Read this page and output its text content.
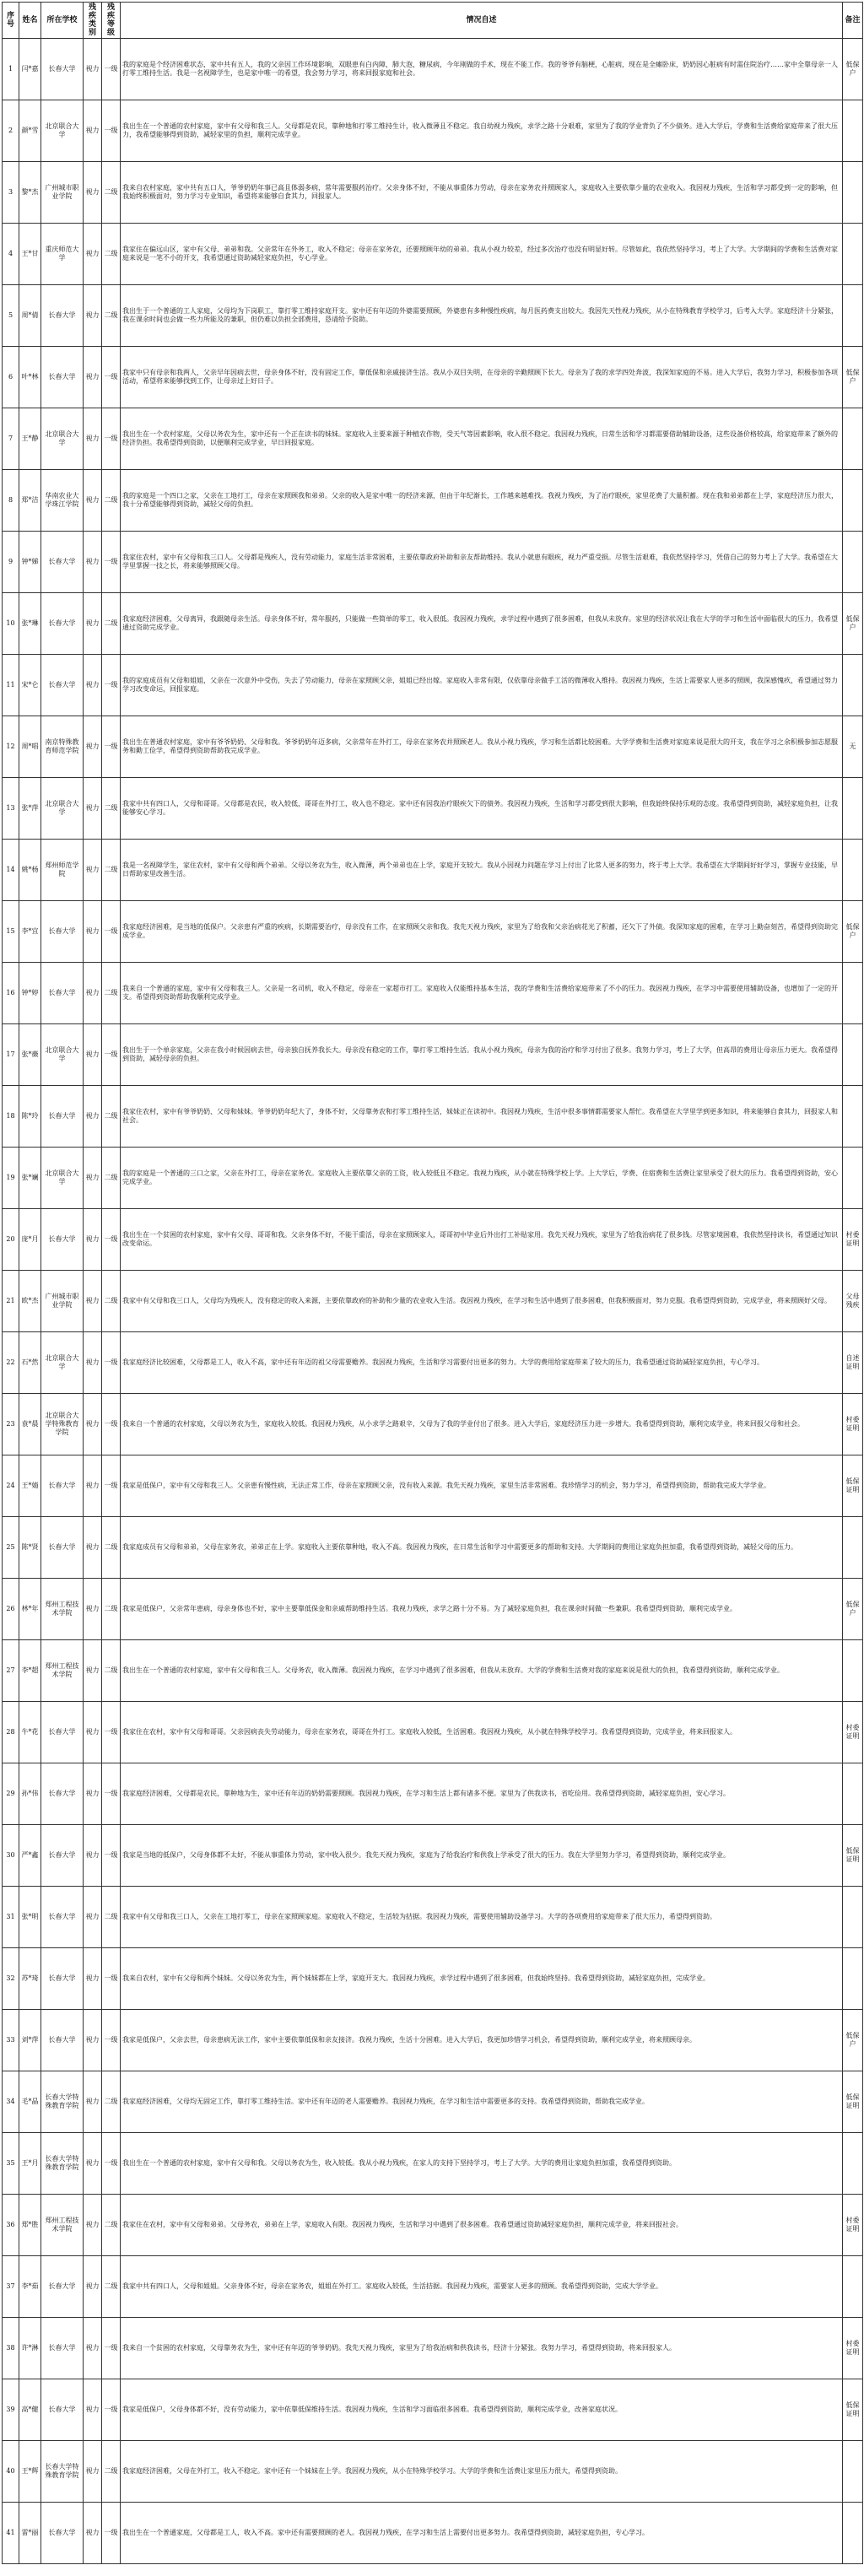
序号	姓名	所在学校	残疾类别	残疾等级	情况自述	备注
1	闫*嘉	长春大学	视力	一级	我的家庭是个经济困难状态，家中共有五人，我的父亲因工作环境影响，双眼患有白内障，肺大泡，糖尿病，今年刚做的手术，现在不能工作。我的爷爷有脑梗，心脏病，现在是全瘫卧床，奶奶因心脏病有时需住院治疗……家中全靠母亲一人打零工维持生活。我是一名视障学生，也是家中唯一的希望，我会努力学习，将来回报家庭和社会。	低保户
2	颜*雪	北京联合大学	视力	一级	我出生在一个普通的农村家庭，家中有父母和我三人。父母都是农民，靠种地和打零工维持生计，收入微薄且不稳定。我自幼视力残疾，求学之路十分艰难，家里为了我的学业背负了不少债务。进入大学后，学费和生活费给家庭带来了很大压力，我希望能够得到资助，减轻家里的负担，顺利完成学业。	
3	黎*杰	广州城市职业学院	视力	二级	我来自农村家庭，家中共有五口人，爷爷奶奶年事已高且体弱多病，常年需要服药治疗。父亲身体不好，不能从事重体力劳动，母亲在家务农并照顾家人，家庭收入主要依靠少量的农业收入。我因视力残疾，生活和学习都受到一定的影响，但我始终积极面对，努力学习专业知识，希望将来能够自食其力，回报家人。	
4	王*甘	重庆师范大学	视力	二级	我家住在偏远山区，家中有父母、弟弟和我。父亲常年在外务工，收入不稳定；母亲在家务农，还要照顾年幼的弟弟。我从小视力较差，经过多次治疗也没有明显好转。尽管如此，我依然坚持学习，考上了大学。大学期间的学费和生活费对家庭来说是一笔不小的开支，我希望通过资助减轻家庭负担，专心学业。	
5	周*倩	长春大学	视力	二级	我出生于一个普通的工人家庭，父母均为下岗职工，靠打零工维持家庭开支。家中还有年迈的外婆需要照顾，外婆患有多种慢性疾病，每月医药费支出较大。我因先天性视力残疾，从小在特殊教育学校学习，后考入大学。家庭经济十分紧张，我在课余时间也会做一些力所能及的兼职，但仍难以负担全部费用，恳请给予资助。	
6	叶*林	长春大学	视力	一级	我家中只有母亲和我两人，父亲早年因病去世，母亲身体不好，没有固定工作，靠低保和亲戚接济生活。我从小双目失明，在母亲的辛勤照顾下长大。母亲为了我的求学四处奔波，我深知家庭的不易。进入大学后，我努力学习，积极参加各项活动，希望将来能够找到工作，让母亲过上好日子。	低保户
7	王*静	北京联合大学	视力	一级	我出生在一个农村家庭，父母以务农为生，家中还有一个正在读书的妹妹。家庭收入主要来源于种植农作物，受天气等因素影响，收入很不稳定。我因视力残疾，日常生活和学习都需要借助辅助设备，这些设备价格较高，给家庭带来了额外的经济负担。我希望得到资助，以便顺利完成学业，早日回报家庭。	
8	郑*洁	华南农业大学珠江学院	视力	二级	我的家庭是一个四口之家，父亲在工地打工，母亲在家照顾我和弟弟。父亲的收入是家中唯一的经济来源，但由于年纪渐长，工作越来越难找。我视力残疾，为了治疗眼疾，家里花费了大量积蓄。现在我和弟弟都在上学，家庭经济压力很大，我十分希望能够得到资助，减轻父母的负担。	
9	钟*娣	长春大学	视力	一级	我家住农村，家中有父母和我三口人。父母都是残疾人，没有劳动能力，家庭生活非常困难，主要依靠政府补助和亲友帮助维持。我从小就患有眼疾，视力严重受损。尽管生活艰难，我依然坚持学习，凭借自己的努力考上了大学。我希望在大学里掌握一技之长，将来能够照顾父母。	
10	张*琳	长春大学	视力	二级	我家庭经济困难，父母离异，我跟随母亲生活。母亲身体不好，常年服药，只能做一些简单的零工，收入很低。我因视力残疾，求学过程中遇到了很多困难，但我从未放弃。家里的经济状况让我在大学的学习和生活中面临很大的压力，我希望通过资助完成学业。	低保户
11	宋*仑	长春大学	视力	一级	我的家庭成员有父母和姐姐，父亲在一次意外中受伤，失去了劳动能力，母亲在家照顾父亲，姐姐已经出嫁。家庭收入非常有限，仅依靠母亲做手工活的微薄收入维持。我因视力残疾，生活上需要家人更多的照顾，我深感愧疚，希望通过努力学习改变命运，回报家庭。	
12	周*唱	南京特殊教育师范学院	视力	一级	我出生在普通农村家庭，家中有爷爷奶奶、父母和我。爷爷奶奶年迈多病，父亲常年在外打工，母亲在家务农并照顾老人。我从小视力残疾，学习和生活都比较困难。大学学费和生活费对家庭来说是很大的开支，我在学习之余积极参加志愿服务和勤工俭学，希望得到资助帮助我完成学业。	无
13	张*萍	北京联合大学	视力	二级	我家中共有四口人，父母和哥哥。父母都是农民，收入较低，哥哥在外打工，收入也不稳定。家中还有因我治疗眼疾欠下的债务。我因视力残疾，生活和学习都受到很大影响，但我始终保持乐观的态度。我希望得到资助，减轻家庭负担，让我能够安心学习。	
14	姚*杨	郑州师范学院	视力	二级	我是一名视障学生，家住农村，家中有父母和两个弟弟。父母以务农为生，收入微薄，两个弟弟也在上学，家庭开支较大。我从小因视力问题在学习上付出了比常人更多的努力，终于考上大学。我希望在大学期间好好学习，掌握专业技能，早日帮助家里改善生活。	
15	李*宜	长春大学	视力	一级	我家庭经济困难，是当地的低保户。父亲患有严重的疾病，长期需要治疗，母亲没有工作，在家照顾父亲和我。我先天视力残疾，家里为了给我和父亲治病花光了积蓄，还欠下了外债。我深知家庭的困难，在学习上勤奋刻苦，希望得到资助完成学业。	低保户
16	钟*婷	长春大学	视力	二级	我来自一个普通的家庭，家中有父母和我三人。父亲是一名司机，收入不稳定，母亲在一家超市打工。家庭收入仅能维持基本生活，我的学费和生活费给家庭带来了不小的压力。我因视力残疾，在学习中需要使用辅助设备，也增加了一定的开支。希望得到资助帮助我顺利完成学业。	
17	张*薇	北京联合大学	视力	一级	我出生于一个单亲家庭，父亲在我小时候因病去世，母亲独自抚养我长大。母亲没有稳定的工作，靠打零工维持生活。我从小视力残疾，母亲为我的治疗和学习付出了很多。我努力学习，考上了大学，但高昂的费用让母亲压力更大。我希望得到资助，减轻母亲的负担。	
18	陈*玲	长春大学	视力	二级	我家住农村，家中有爷爷奶奶、父母和妹妹。爷爷奶奶年纪大了，身体不好，父母靠务农和打零工维持生活，妹妹正在读初中。我因视力残疾，生活中很多事情都需要家人帮忙。我希望在大学里学到更多知识，将来能够自食其力，回报家人和社会。	
19	张*斓	北京联合大学	视力	二级	我的家庭是一个普通的三口之家，父亲在外打工，母亲在家务农。家庭收入主要依靠父亲的工资，收入较低且不稳定。我视力残疾，从小就在特殊学校上学。上大学后，学费、住宿费和生活费让家里承受了很大的压力。我希望得到资助，安心完成学业。	
20	庞*月	长春大学	视力	一级	我出生在一个贫困的农村家庭，家中有父母、哥哥和我。父亲身体不好，不能干重活，母亲在家照顾家人，哥哥初中毕业后外出打工补贴家用。我先天视力残疾，家里为了给我治病花了很多钱。尽管家境困难，我依然坚持读书，希望通过知识改变命运。	村委证明
21	欧*杰	广州城市职业学院	视力	二级	我家中有父母和我三口人，父母均为残疾人，没有稳定的收入来源，主要依靠政府的补助和少量的农业收入生活。我因视力残疾，在学习和生活中遇到了很多困难，但我积极面对，努力克服。我希望得到资助，完成学业，将来照顾好父母。	父母残疾
22	石*然	北京联合大学	视力	一级	我家庭经济比较困难，父母都是工人，收入不高，家中还有年迈的祖父母需要赡养。我因视力残疾，生活和学习需要付出更多的努力。大学的费用给家庭带来了较大的压力，我希望通过资助减轻家庭负担，专心学习。	自述证明
23	袁*晨	北京联合大学特殊教育学院	视力	一级	我来自一个普通的农村家庭，父母以务农为生，家庭收入较低。我因视力残疾，从小求学之路艰辛，父母为了我的学业付出了很多。进入大学后，家庭经济压力进一步增大。我希望得到资助，顺利完成学业，将来回报父母和社会。	村委证明
24	王*婧	长春大学	视力	一级	我家是低保户，家中有父母和我三人。父亲患有慢性病，无法正常工作，母亲在家照顾父亲，没有收入来源。我先天视力残疾，家里生活非常困难。我珍惜学习的机会，努力学习，希望得到资助，帮助我完成大学学业。	低保证明
25	陈*贤	长春大学	视力	二级	我家庭成员有父母和弟弟，父母在家务农，弟弟正在上学。家庭收入主要依靠种地，收入不高。我因视力残疾，在日常生活和学习中需要更多的帮助和支持。大学期间的费用让家庭负担加重，我希望得到资助，减轻父母的压力。	
26	林*年	郑州工程技术学院	视力	二级	我家是低保户，父亲常年患病，母亲身体也不好，家中主要靠低保金和亲戚帮助维持生活。我视力残疾，求学之路十分不易。为了减轻家庭负担，我在课余时间做一些兼职。我希望得到资助，顺利完成学业。	低保户
27	李*超	郑州工程技术学院	视力	二级	我出生在一个普通的农村家庭，家中有父母和我三人。父母务农，收入微薄。我因视力残疾，在学习中遇到了很多困难，但我从未放弃。大学的学费和生活费对我的家庭来说是很大的负担，我希望得到资助，顺利完成学业。	
28	牛*花	长春大学	视力	一级	我家住在农村，家中有父母和哥哥。父亲因病丧失劳动能力，母亲在家务农，哥哥在外打工。家庭收入较低，生活困难。我因视力残疾，从小就在特殊学校学习。我希望得到资助，完成学业，将来回报家人。	村委证明
29	孙*伟	长春大学	视力	一级	我家庭经济困难，父母都是农民，靠种地为生，家中还有年迈的奶奶需要照顾。我因视力残疾，在学习和生活上都有诸多不便。家里为了供我读书，省吃俭用。我希望得到资助，减轻家庭负担，安心学习。	
30	严*鑫	长春大学	视力	一级	我家是当地的低保户，父母身体都不太好，不能从事重体力劳动，家中收入很少。我先天视力残疾，家庭为了给我治疗和供我上学承受了很大的压力。我在大学里努力学习，希望得到资助，顺利完成学业。	低保证明
31	张*明	长春大学	视力	二级	我家中有父母和我三口人，父亲在工地打零工，母亲在家照顾家庭。家庭收入不稳定，生活较为拮据。我因视力残疾，需要使用辅助设备学习。大学的各项费用给家庭带来了很大压力，希望得到资助。	
32	苏*琦	长春大学	视力	一级	我来自农村，家中有父母和两个妹妹。父母以务农为生，两个妹妹都在上学，家庭开支大。我因视力残疾，求学过程中遇到了很多困难，但我始终坚持。我希望得到资助，减轻家庭负担，完成学业。	
33	刘*萍	长春大学	视力	一级	我家是低保户，父亲去世，母亲患病无法工作，家中主要依靠低保和亲友接济。我视力残疾，生活十分困难。进入大学后，我更加珍惜学习机会，希望得到资助，顺利完成学业，将来照顾母亲。	低保户
34	毛*晶	长春大学特殊教育学院	视力	二级	我家庭经济困难，父母均无固定工作，靠打零工维持生活。家中还有年迈的老人需要赡养。我因视力残疾，在学习和生活中需要更多的支持。我希望得到资助，帮助我完成学业。	低保证明
35	王*月	长春大学特殊教育学院	视力	一级	我出生在一个普通的农村家庭，家中有父母和我。父母以务农为生，收入较低。我从小视力残疾，在家人的支持下坚持学习，考上了大学。大学的费用让家庭负担加重，我希望得到资助。	
36	郑*胜	郑州工程技术学院	视力	二级	我家住在农村，家中有父母和弟弟。父母务农，弟弟在上学，家庭收入有限。我因视力残疾，生活和学习中遇到了很多困难。我希望通过资助减轻家庭负担，顺利完成学业，将来回报社会。	村委证明
37	李*茹	长春大学	视力	二级	我家中共有四口人，父母和姐姐。父亲身体不好，母亲在家务农，姐姐在外打工。家庭收入较低，生活拮据。我因视力残疾，需要家人更多的照顾。我希望得到资助，完成大学学业。	
38	许*淋	长春大学	视力	一级	我来自一个贫困的农村家庭，父母靠务农为生，家中还有年迈的爷爷奶奶。我先天视力残疾，家里为了给我治病和供我读书，经济十分紧张。我努力学习，希望得到资助，将来回报家人。	村委证明
39	高*健	长春大学	视力	一级	我家是低保户，父母身体都不好，没有劳动能力，家中依靠低保维持生活。我因视力残疾，生活和学习面临很多困难。我希望得到资助，顺利完成学业，改善家庭状况。	低保证明
40	王*辉	长春大学特殊教育学院	视力	二级	我家庭经济困难，父母在外打工，收入不稳定。家中还有一个妹妹在上学。我因视力残疾，从小在特殊学校学习。大学的学费和生活费让家里压力很大，希望得到资助。	
41	雷*丽	长春大学	视力	一级	我出生在一个普通家庭，父母都是工人，收入不高。家中还有需要照顾的老人。我因视力残疾，在学习和生活上需要付出更多努力。我希望得到资助，减轻家庭负担，专心学习。	
